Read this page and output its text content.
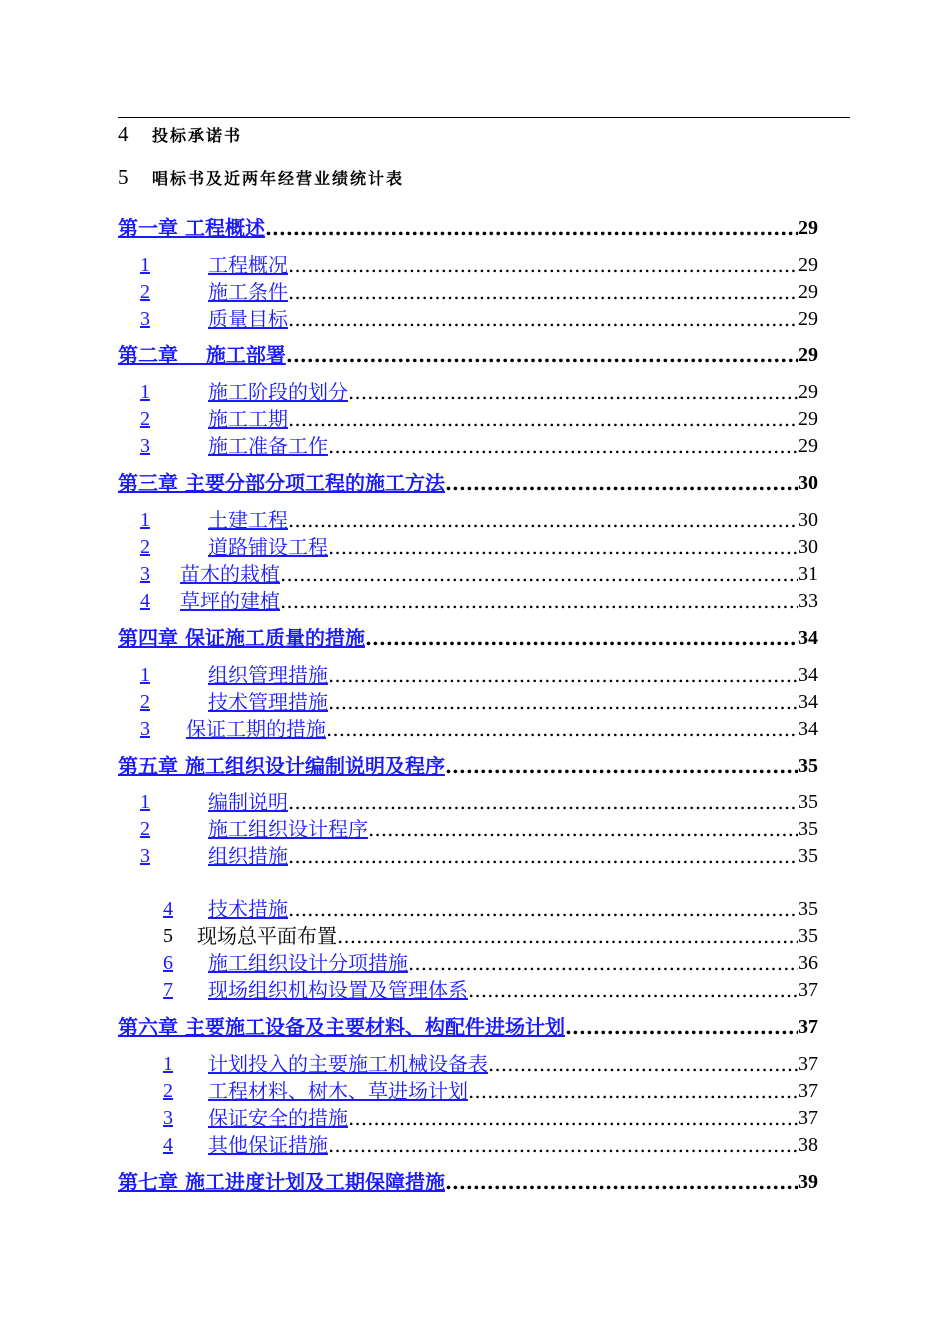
4	投标承诺书
5	唱标书及近两年经营业绩统计表
第一章 工程概述 .....	29
1	工程概况 .....	29
2	施工条件 .....	29
3	质量目标 .....	29
第二章    施工部署 .....	29
1	施工阶段的划分 .....	29
2	施工工期 .....	29
3	施工准备工作 .....	29
第三章 主要分部分项工程的施工方法 .....	30
1	土建工程 .....	30
2	道路铺设工程 .....	30
3 苗木的栽植 .....	31
4 草坪的建植 .....	33
第四章 保证施工质量的措施 .....	34
1	组织管理措施 .....	34
2	技术管理措施 .....	34
3 保证工期的措施 .....	34
第五章 施工组织设计编制说明及程序 .....	35
1	编制说明 .....	35
2	施工组织设计程序 .....	35
3	组织措施 .....	35
4 技术措施 .....	35
5 现场总平面布置 .....	35
6 施工组织设计分项措施 .....	36
7 现场组织机构设置及管理体系 .....	37
第六章 主要施工设备及主要材料、构配件进场计划 .....	37
1 计划投入的主要施工机械设备表 .....	37
2 工程材料、树木、草进场计划 .....	37
3 保证安全的措施 .....	37
4 其他保证措施 .....	38
第七章 施工进度计划及工期保障措施 .....	39
